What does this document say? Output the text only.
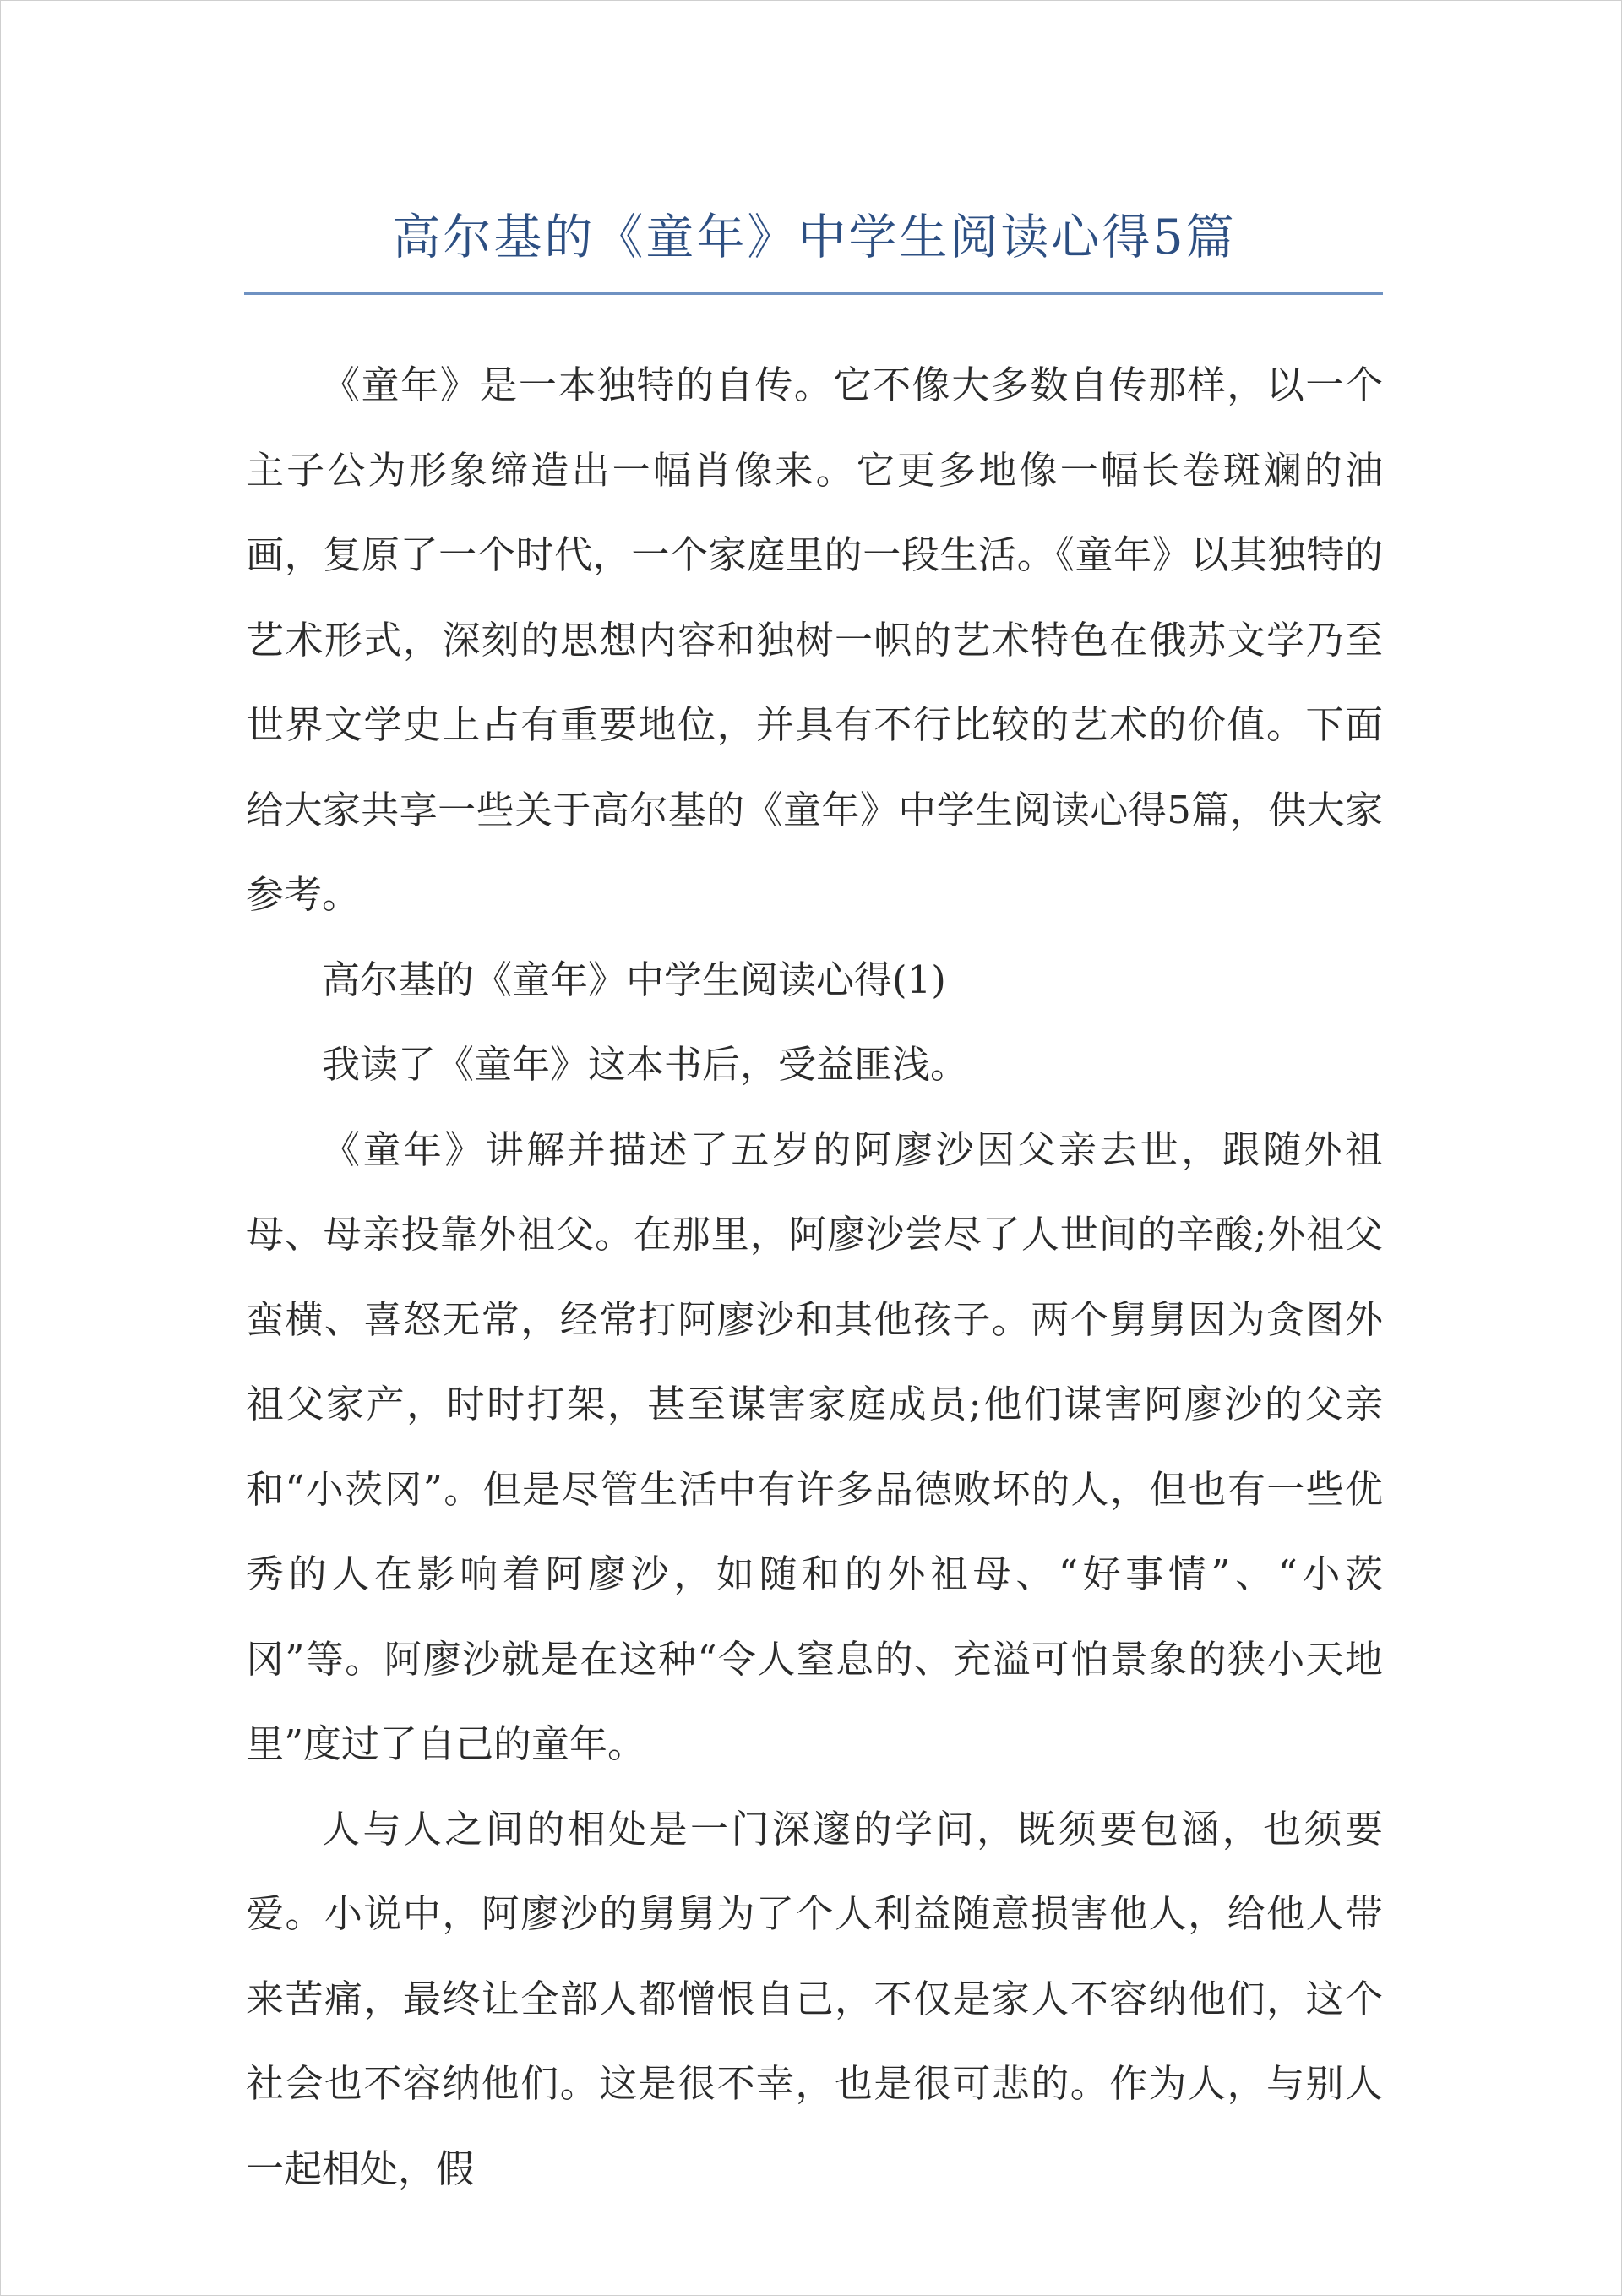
高尔基的《童年》中学生阅读心得5篇

《童年》是一本独特的自传。它不像大多数自传那样，以一个主子公为形象缔造出一幅肖像来。它更多地像一幅长卷斑斓的油画，复原了一个时代，一个家庭里的一段生活。《童年》以其独特的艺术形式，深刻的思想内容和独树一帜的艺术特色在俄苏文学乃至世界文学史上占有重要地位，并具有不行比较的艺术的价值。下面给大家共享一些关于高尔基的《童年》中学生阅读心得5篇，供大家参考。

高尔基的《童年》中学生阅读心得(1)

我读了《童年》这本书后，受益匪浅。

《童年》讲解并描述了五岁的阿廖沙因父亲去世，跟随外祖母、母亲投靠外祖父。在那里，阿廖沙尝尽了人世间的辛酸;外祖父蛮横、喜怒无常，经常打阿廖沙和其他孩子。两个舅舅因为贪图外祖父家产，时时打架，甚至谋害家庭成员;他们谋害阿廖沙的父亲和“小茨冈”。但是尽管生活中有许多品德败坏的人，但也有一些优秀的人在影响着阿廖沙，如随和的外祖母、“好事情”、“小茨冈”等。阿廖沙就是在这种“令人窒息的、充溢可怕景象的狭小天地里”度过了自己的童年。

人与人之间的相处是一门深邃的学问，既须要包涵，也须要爱。小说中，阿廖沙的舅舅为了个人利益随意损害他人，给他人带来苦痛，最终让全部人都憎恨自己，不仅是家人不容纳他们，这个社会也不容纳他们。这是很不幸，也是很可悲的。作为人，与别人一起相处，假
